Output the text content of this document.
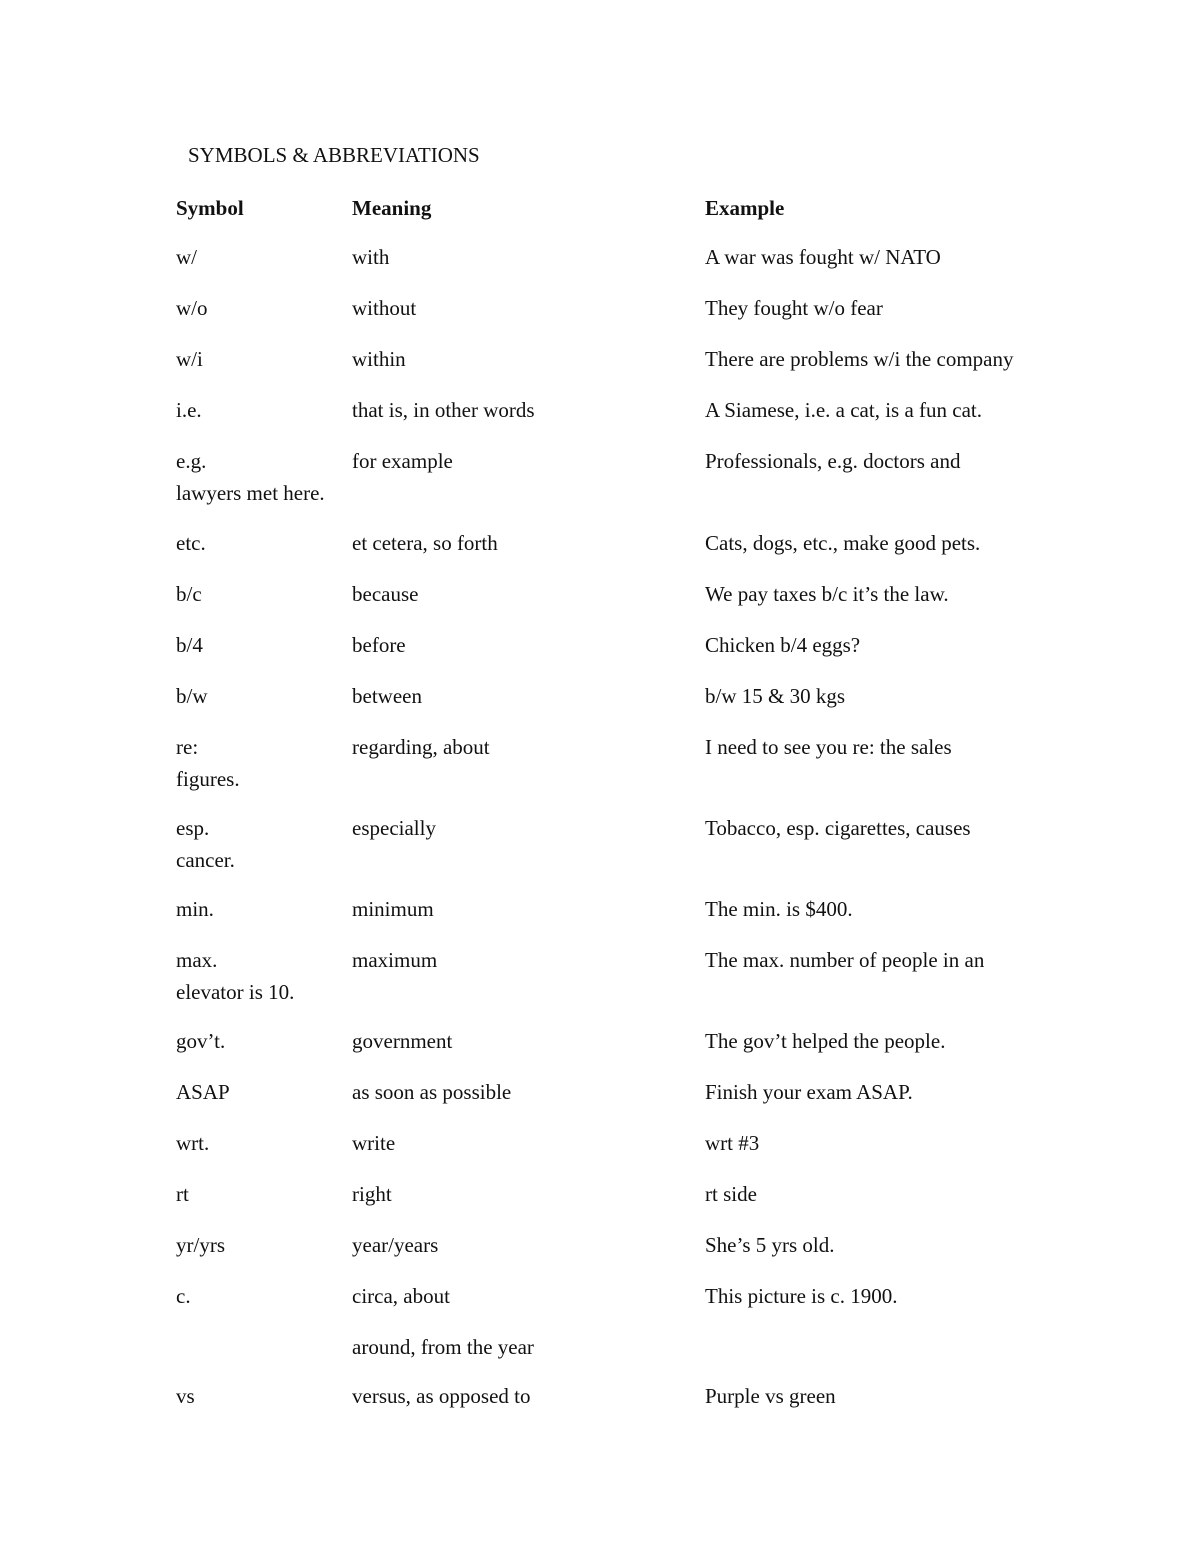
SYMBOLS & ABBREVIATIONS
Symbol	Meaning	Example
w/	with	A war was fought w/ NATO
w/o	without	They fought w/o fear
w/i	within	There are problems w/i the company
i.e.	that is, in other words	A Siamese, i.e. a cat, is a fun cat.
e.g.	for example	Professionals, e.g. doctors and
lawyers met here.
etc.	et cetera, so forth	Cats, dogs, etc., make good pets.
b/c	because	We pay taxes b/c it’s the law.
b/4	before	Chicken b/4 eggs?
b/w	between	b/w 15 & 30 kgs
re:	regarding, about	I need to see you re: the sales
figures.
esp.	especially	Tobacco, esp. cigarettes, causes
cancer.
min.	minimum	The min. is $400.
max.	maximum	The max. number of people in an
elevator is 10.
gov’t.	government	The gov’t helped the people.
ASAP	as soon as possible	Finish your exam ASAP.
wrt.	write	wrt #3
rt	right	rt side
yr/yrs	year/years	She’s 5 yrs old.
c.	circa, about	This picture is c. 1900.
around, from the year
vs	versus, as opposed to	Purple vs green
